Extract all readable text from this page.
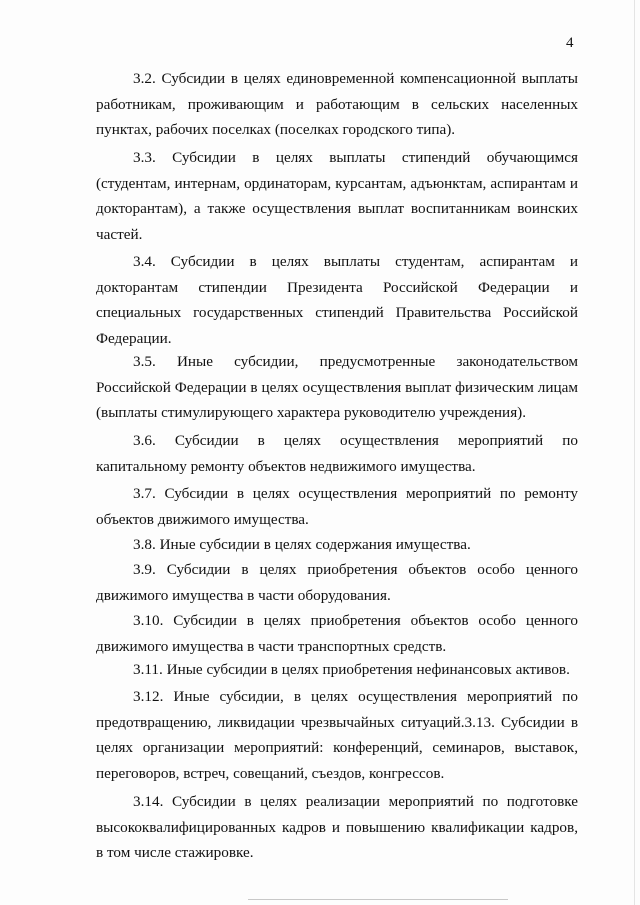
4

3.2. Субсидии в целях единовременной компенсационной выплаты работникам, проживающим и работающим в сельских населенных пунктах, рабочих поселках (поселках городского типа).

3.3. Субсидии в целях выплаты стипендий обучающимся (студентам, интернам, ординаторам, курсантам, адъюнктам, аспирантам и докторантам), а также осуществления выплат воспитанникам воинских частей.

3.4. Субсидии в целях выплаты студентам, аспирантам и докторантам стипендии Президента Российской Федерации и специальных государственных стипендий Правительства Российской Федерации.

3.5. Иные субсидии, предусмотренные законодательством Российской Федерации в целях осуществления выплат физическим лицам (выплаты стимулирующего характера руководителю учреждения).

3.6. Субсидии в целях осуществления мероприятий по капитальному ремонту объектов недвижимого имущества.

3.7. Субсидии в целях осуществления мероприятий по ремонту объектов движимого имущества.

3.8. Иные субсидии в целях содержания имущества.

3.9. Субсидии в целях приобретения объектов особо ценного движимого имущества в части оборудования.

3.10. Субсидии в целях приобретения объектов особо ценного движимого имущества в части транспортных средств.

3.11. Иные субсидии в целях приобретения нефинансовых активов.

3.12. Иные субсидии, в целях осуществления мероприятий по предотвращению, ликвидации чрезвычайных ситуаций.3.13. Субсидии в целях организации мероприятий: конференций, семинаров, выставок, переговоров, встреч, совещаний, съездов, конгрессов.

3.14. Субсидии в целях реализации мероприятий по подготовке высококвалифицированных кадров и повышению квалификации кадров, в том числе стажировке.
